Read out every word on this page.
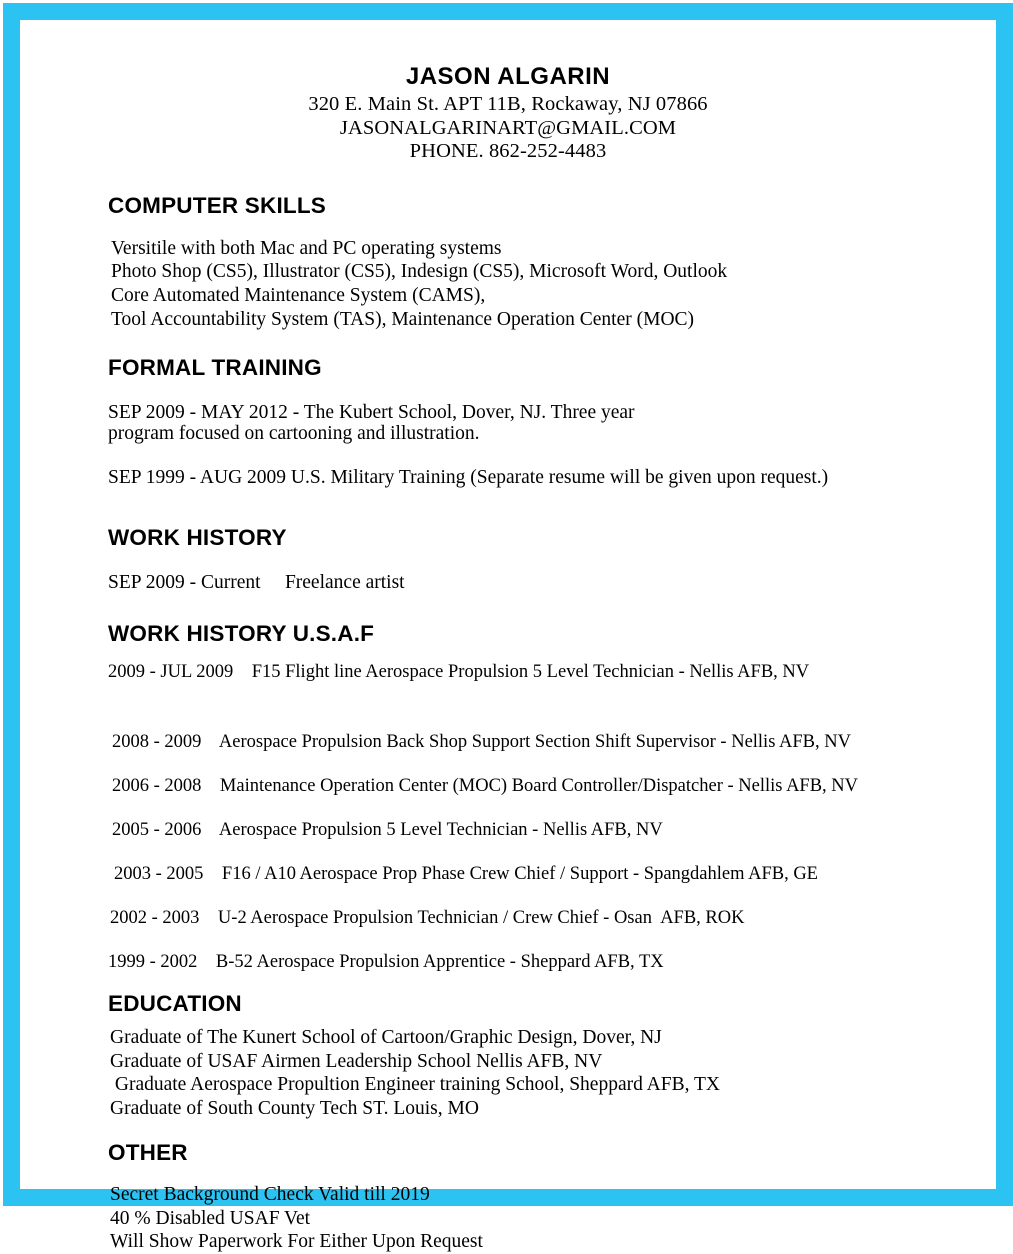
JASON ALGARIN
320 E. Main St. APT 11B, Rockaway, NJ 07866
JASONALGARINART@GMAIL.COM
PHONE. 862-252-4483
COMPUTER SKILLS
Versitile with both Mac and PC operating systems
Photo Shop (CS5), Illustrator (CS5), Indesign (CS5), Microsoft Word, Outlook
Core Automated Maintenance System (CAMS),
Tool Accountability System (TAS), Maintenance Operation Center (MOC)
FORMAL TRAINING
SEP 2009 - MAY 2012 - The Kubert School, Dover, NJ. Three year
program focused on cartooning and illustration.
SEP 1999 - AUG 2009 U.S. Military Training (Separate resume will be given upon request.)
WORK HISTORY
SEP 2009 - Current     Freelance artist
WORK HISTORY U.S.A.F
2009 - JUL 2009 F15 Flight line Aerospace Propulsion 5 Level Technician - Nellis AFB, NV
2008 - 2009 Aerospace Propulsion Back Shop Support Section Shift Supervisor - Nellis AFB, NV
2006 - 2008 Maintenance Operation Center (MOC) Board Controller/Dispatcher - Nellis AFB, NV
2005 - 2006 Aerospace Propulsion 5 Level Technician - Nellis AFB, NV
2003 - 2005 F16 / A10 Aerospace Prop Phase Crew Chief / Support - Spangdahlem AFB, GE
2002 - 2003 U-2 Aerospace Propulsion Technician / Crew Chief - Osan  AFB, ROK
1999 - 2002 B-52 Aerospace Propulsion Apprentice - Sheppard AFB, TX
EDUCATION
Graduate of The Kunert School of Cartoon/Graphic Design, Dover, NJ
Graduate of USAF Airmen Leadership School Nellis AFB, NV
Graduate Aerospace Propultion Engineer training School, Sheppard AFB, TX
Graduate of South County Tech ST. Louis, MO
OTHER
Secret Background Check Valid till 2019
40 % Disabled USAF Vet
Will Show Paperwork For Either Upon Request
